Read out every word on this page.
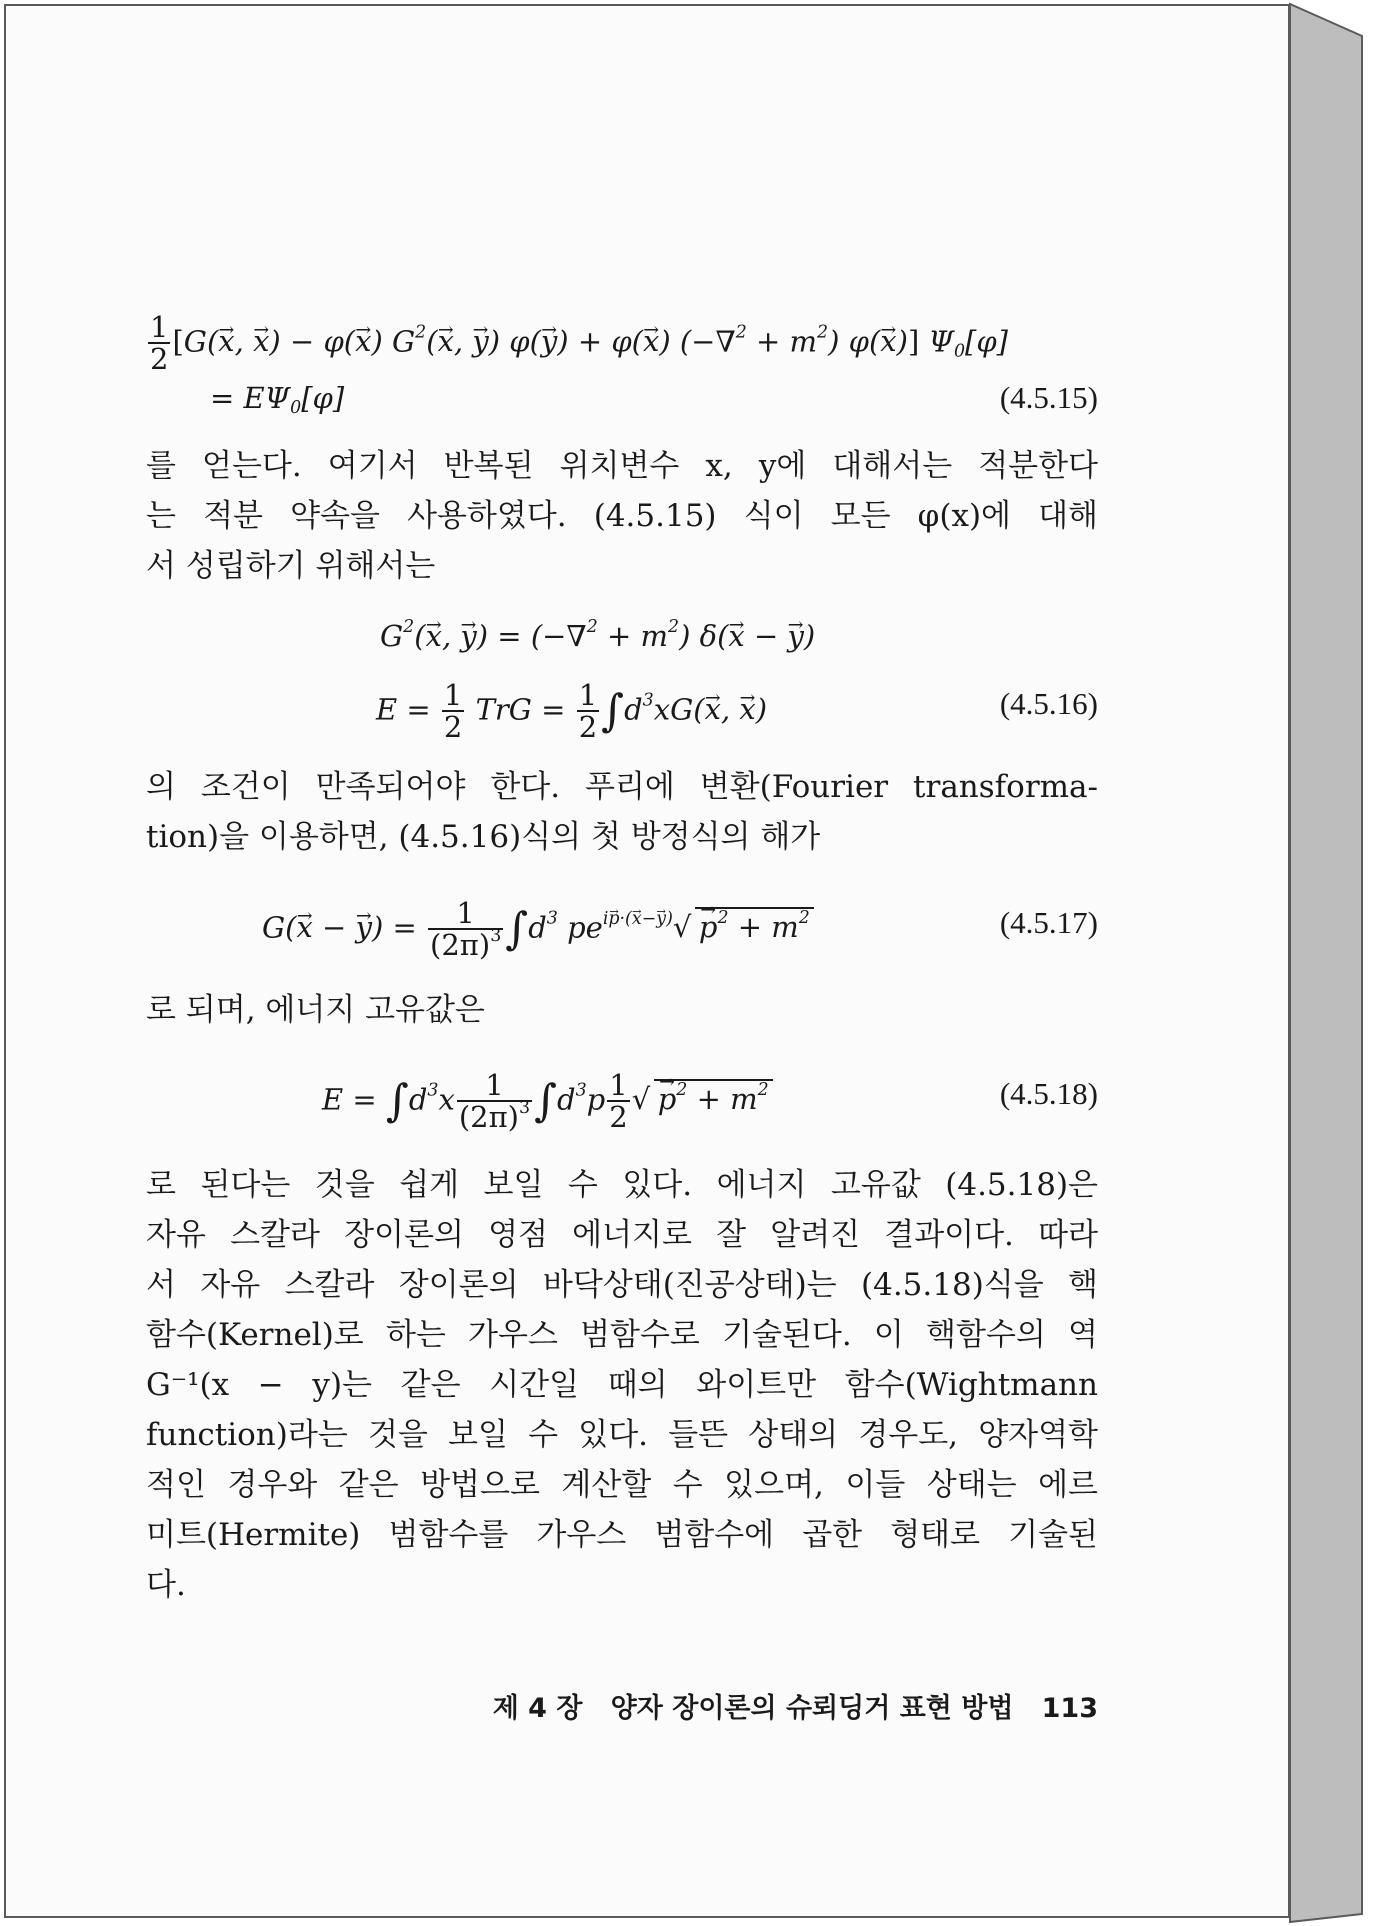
$\frac{1}{2} [G(\to x$, → x) − φ(→ x) $G^2(\to x$, → y) φ(→ y) + φ(→ x) $(-\nabla^2 + m^2)$ φ(→ x)] $\Psi_0[\varphi]$
= $E\Psi_0[\varphi]$	(4.5.15)
를 얻는다. 여기서 반복된 위치변수 x, y에 대해서는 적분한다
는 적분 약속을 사용하였다. (4.5.15) 식이 모든 φ(x)에 대해
서 성립하기 위해서는
$G^2(\to x$, → $y) = (-\nabla^2 + m^2)$ δ(→ x − → y)
$E = \frac{1}{2}$ TrG = $\frac{1}{2} \int d^3xG(\to x$, → x)	(4.5.16)
의 조건이 만족되어야 한다. 푸리에 변환(Fourier transforma-
tion)을 이용하면, (4.5.16)식의 첫 방정식의 해가
G(→ x − → $y) = \frac{1}{(2\pi)^3} \int d^3$ $pe^{ip\cdot(x-y)}√ \to p^2 + m^2$	(4.5.17)
로 되며, 에너지 고유값은
$E = \int d^3x \frac{1}{(2\pi)^3} \int d^3p \frac{1}{2}$
√ → $p^2 + m^2$	(4.5.18)
로 된다는 것을 쉽게 보일 수 있다. 에너지 고유값 (4.5.18)은
자유 스칼라 장이론의 영점 에너지로 잘 알려진 결과이다. 따라
서 자유 스칼라 장이론의 바닥상태(진공상태)는 (4.5.18)식을 핵
함수(Kernel)로 하는 가우스 범함수로 기술된다. 이 핵함수의 역
G⁻¹(x − y)는 같은 시간일 때의 와이트만 함수(Wightmann
function)라는 것을 보일 수 있다. 들뜬 상태의 경우도, 양자역학
적인 경우와 같은 방법으로 계산할 수 있으며, 이들 상태는 에르
미트(Hermite) 범함수를 가우스 범함수에 곱한 형태로 기술된
다.
제 4 장 양자 장이론의 슈뢰딩거 표현 방법 113
